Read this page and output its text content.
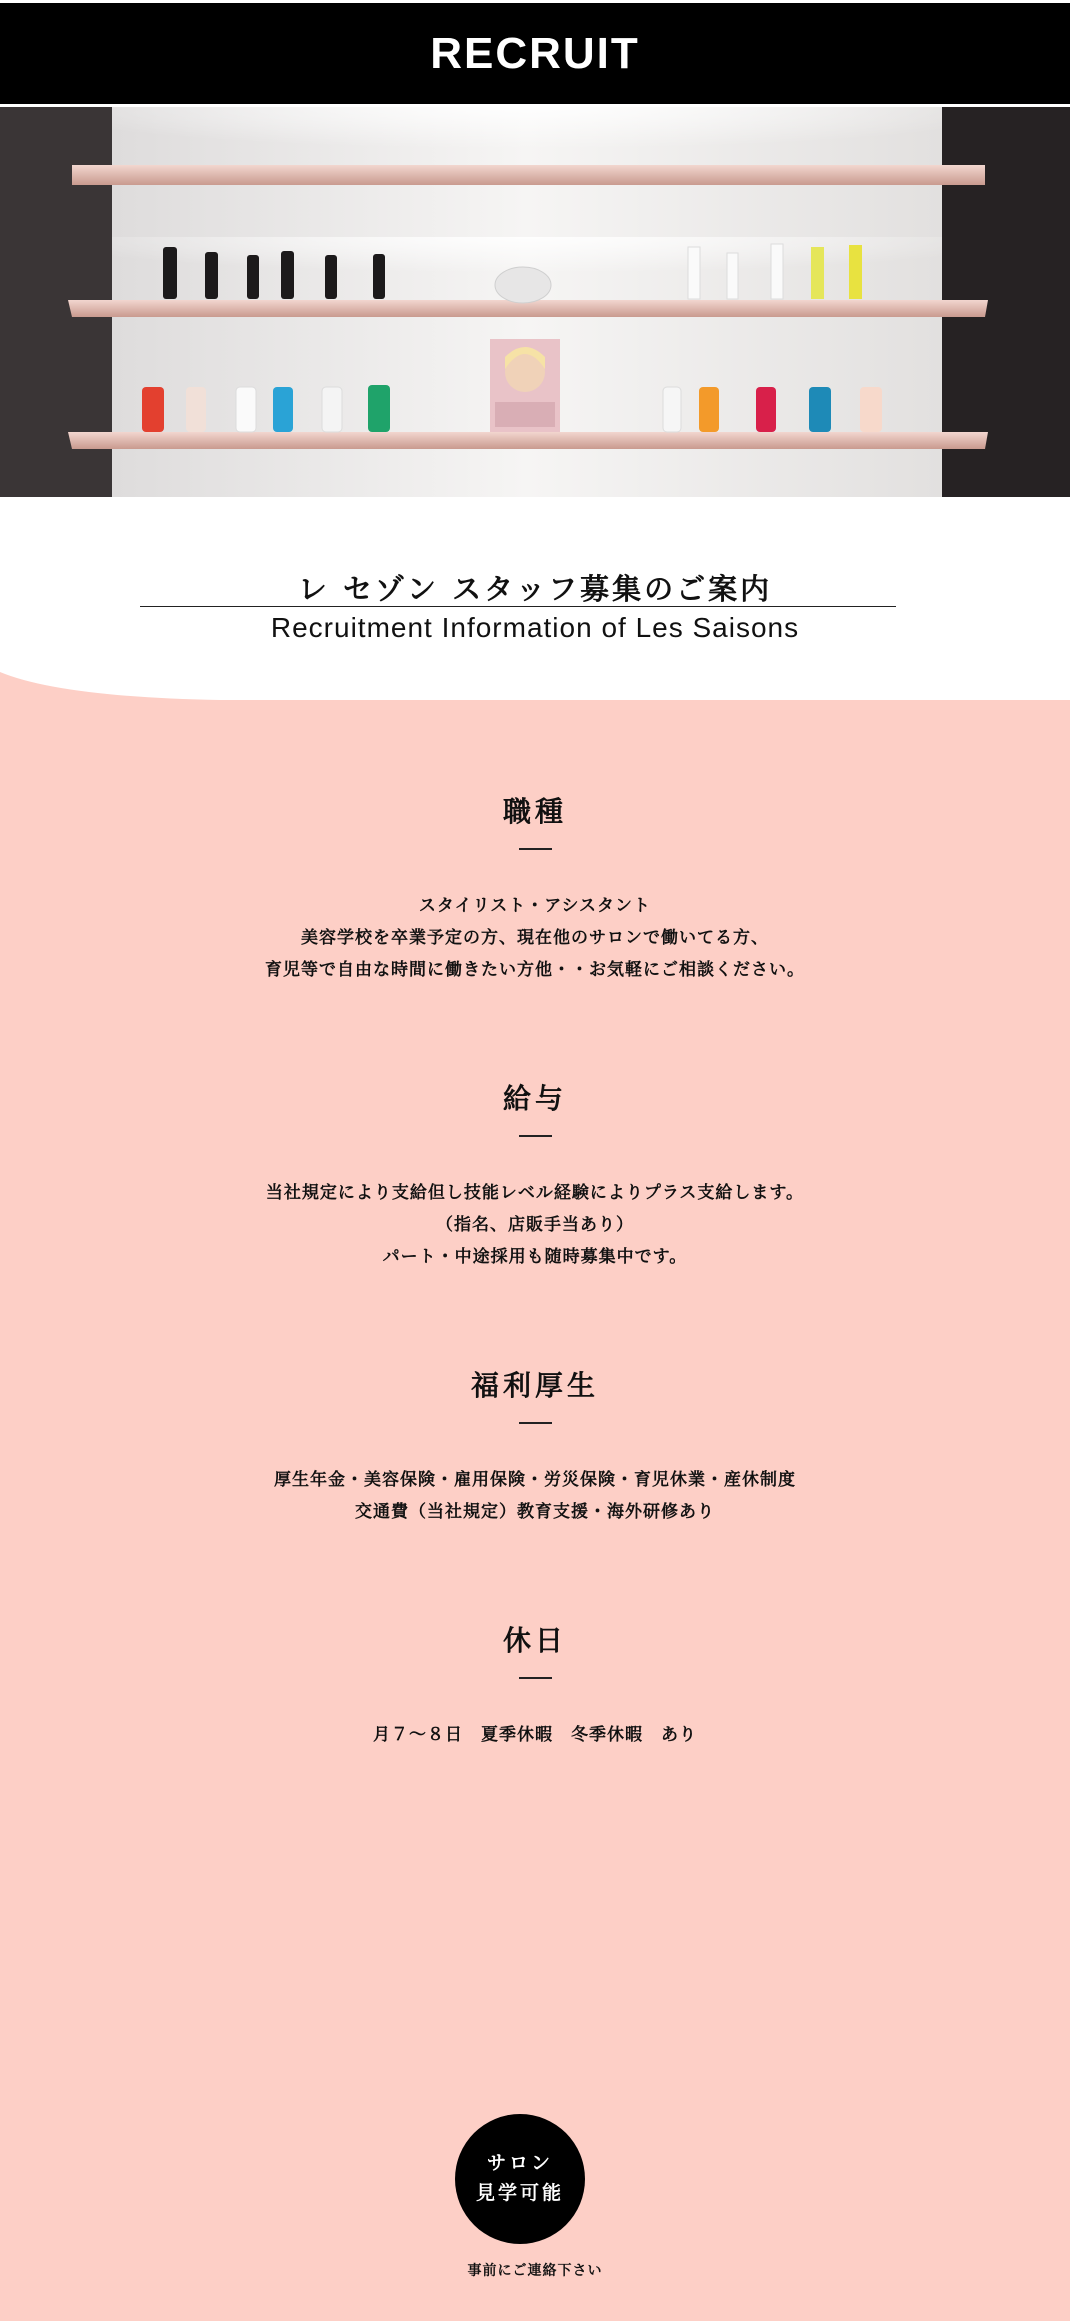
RECRUIT
レ セゾン スタッフ募集のご案内
Recruitment Information of Les Saisons
職種
スタイリスト・アシスタント
美容学校を卒業予定の方、現在他のサロンで働いてる方、
育児等で自由な時間に働きたい方他・・お気軽にご相談ください。
給与
当社規定により支給但し技能レベル経験によりプラス支給します。
（指名、店販手当あり）
パート・中途採用も随時募集中です。
福利厚生
厚生年金・美容保険・雇用保険・労災保険・育児休業・産休制度
交通費（当社規定）教育支援・海外研修あり
休日
月７〜８日　夏季休暇　冬季休暇　あり
サロン
見学可能
事前にご連絡下さい
